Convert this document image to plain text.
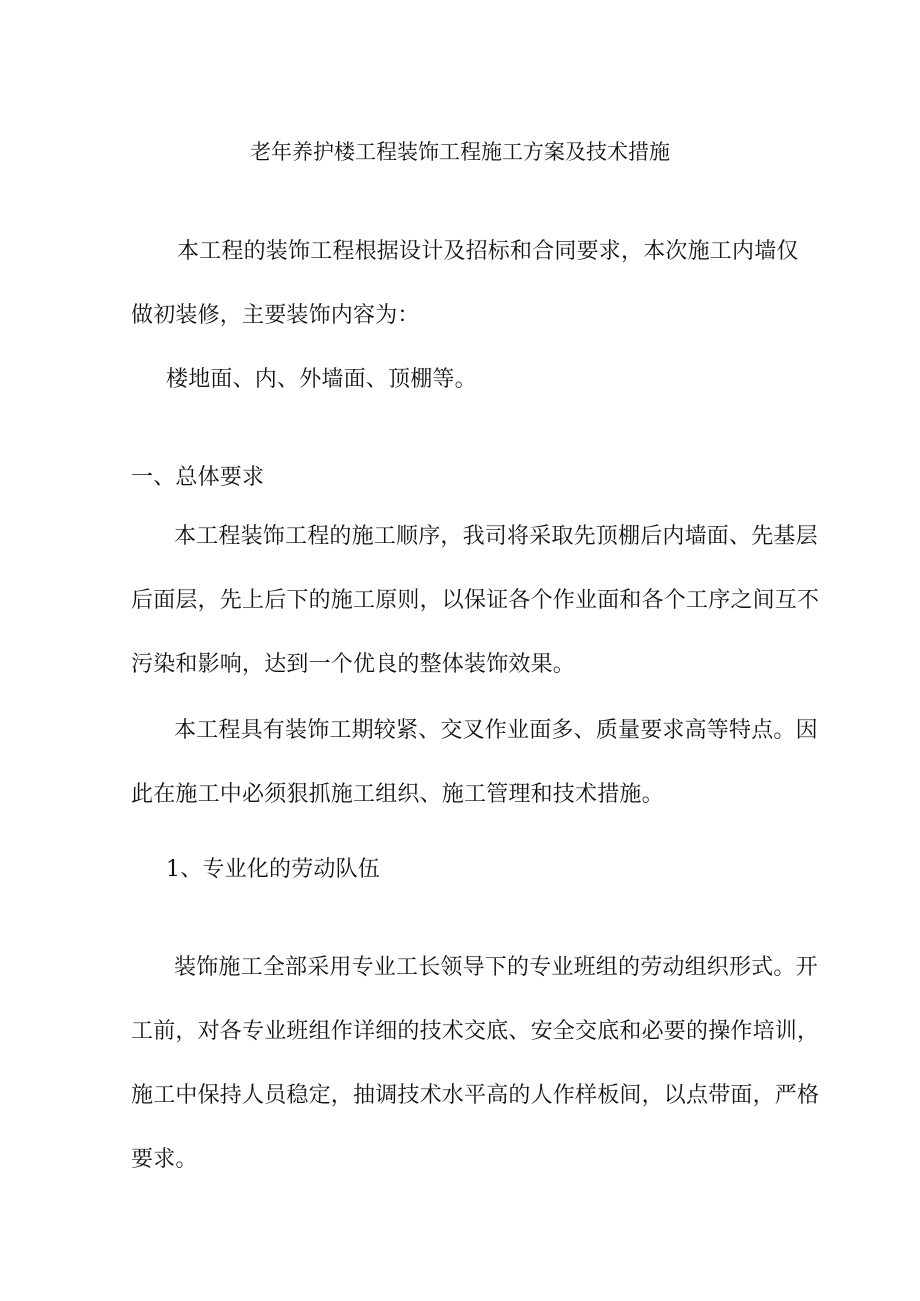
老年养护楼工程装饰工程施工方案及技术措施
本工程的装饰工程根据设计及招标和合同要求，本次施工内墙仅
做初装修，主要装饰内容为：
楼地面、内、外墙面、顶棚等。
一、总体要求
本工程装饰工程的施工顺序，我司将采取先顶棚后内墙面、先基层
后面层，先上后下的施工原则，以保证各个作业面和各个工序之间互不
污染和影响，达到一个优良的整体装饰效果。
本工程具有装饰工期较紧、交叉作业面多、质量要求高等特点。因
此在施工中必须狠抓施工组织、施工管理和技术措施。
1、专业化的劳动队伍
装饰施工全部采用专业工长领导下的专业班组的劳动组织形式。开
工前，对各专业班组作详细的技术交底、安全交底和必要的操作培训，
施工中保持人员稳定，抽调技术水平高的人作样板间，以点带面，严格
要求。
